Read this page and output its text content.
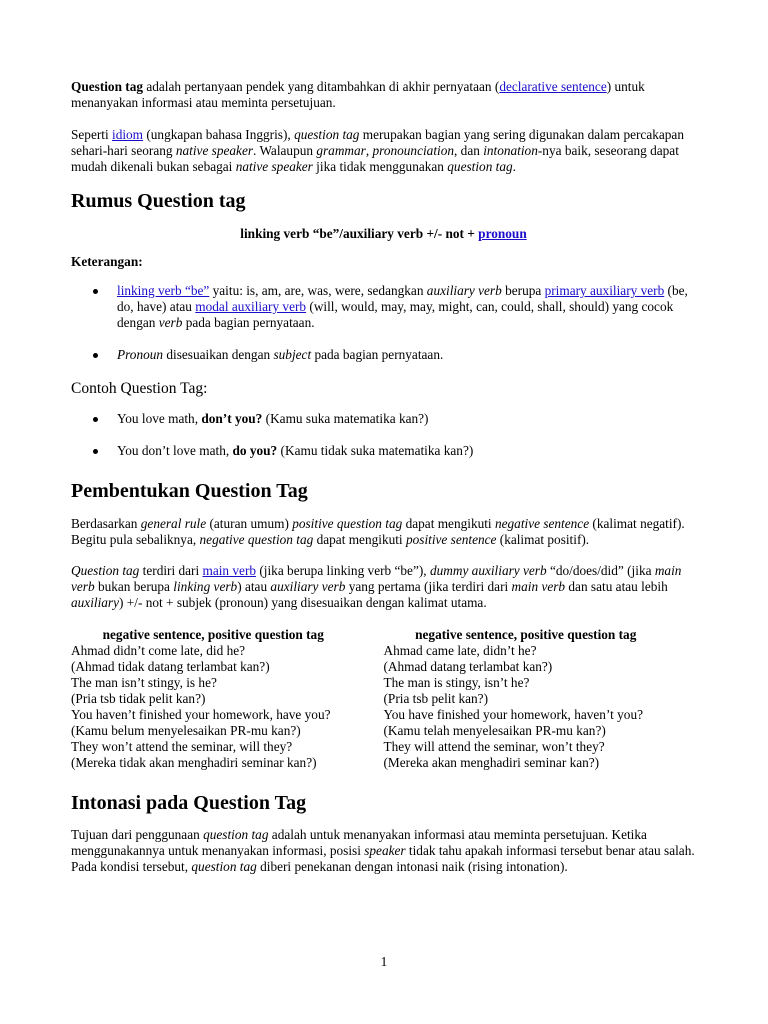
Question tag adalah pertanyaan pendek yang ditambahkan di akhir pernyataan (declarative sentence) untuk menanyakan informasi atau meminta persetujuan.

Seperti idiom (ungkapan bahasa Inggris), question tag merupakan bagian yang sering digunakan dalam percakapan sehari-hari seorang native speaker. Walaupun grammar, pronounciation, dan intonation-nya baik, seseorang dapat mudah dikenali bukan sebagai native speaker jika tidak menggunakan question tag.

Rumus Question tag

linking verb “be”/auxiliary verb +/- not + pronoun

Keterangan:

linking verb “be” yaitu: is, am, are, was, were, sedangkan auxiliary verb berupa primary auxiliary verb (be, do, have) atau modal auxiliary verb (will, would, may, may, might, can, could, shall, should) yang cocok dengan verb pada bagian pernyataan.
Pronoun disesuaikan dengan subject pada bagian pernyataan.
Contoh Question Tag:
You love math, don’t you? (Kamu suka matematika kan?)
You don’t love math, do you? (Kamu tidak suka matematika kan?)
Pembentukan Question Tag

Berdasarkan general rule (aturan umum) positive question tag dapat mengikuti negative sentence (kalimat negatif). Begitu pula sebaliknya, negative question tag dapat mengikuti positive sentence (kalimat positif).

Question tag terdiri dari main verb (jika berupa linking verb “be”), dummy auxiliary verb “do/does/did” (jika main verb bukan berupa linking verb) atau auxiliary verb yang pertama (jika terdiri dari main verb dan satu atau lebih auxiliary) +/- not + subjek (pronoun) yang disesuaikan dengan kalimat utama.

negative sentence, positive question tag
Ahmad didn’t come late, did he?
(Ahmad tidak datang terlambat kan?)
The man isn’t stingy, is he?
(Pria tsb tidak pelit kan?)
You haven’t finished your homework, have you?
(Kamu belum menyelesaikan PR-mu kan?)
They won’t attend the seminar, will they?
(Mereka tidak akan menghadiri seminar kan?)
negative sentence, positive question tag
Ahmad came late, didn’t he?
(Ahmad datang terlambat kan?)
The man is stingy, isn’t he?
(Pria tsb pelit kan?)
You have finished your homework, haven’t you?
(Kamu telah menyelesaikan PR-mu kan?)
They will attend the seminar, won’t they?
(Mereka akan menghadiri seminar kan?)
Intonasi pada Question Tag

Tujuan dari penggunaan question tag adalah untuk menanyakan informasi atau meminta persetujuan. Ketika menggunakannya untuk menanyakan informasi, posisi speaker tidak tahu apakah informasi tersebut benar atau salah. Pada kondisi tersebut, question tag diberi penekanan dengan intonasi naik (rising intonation).

1
